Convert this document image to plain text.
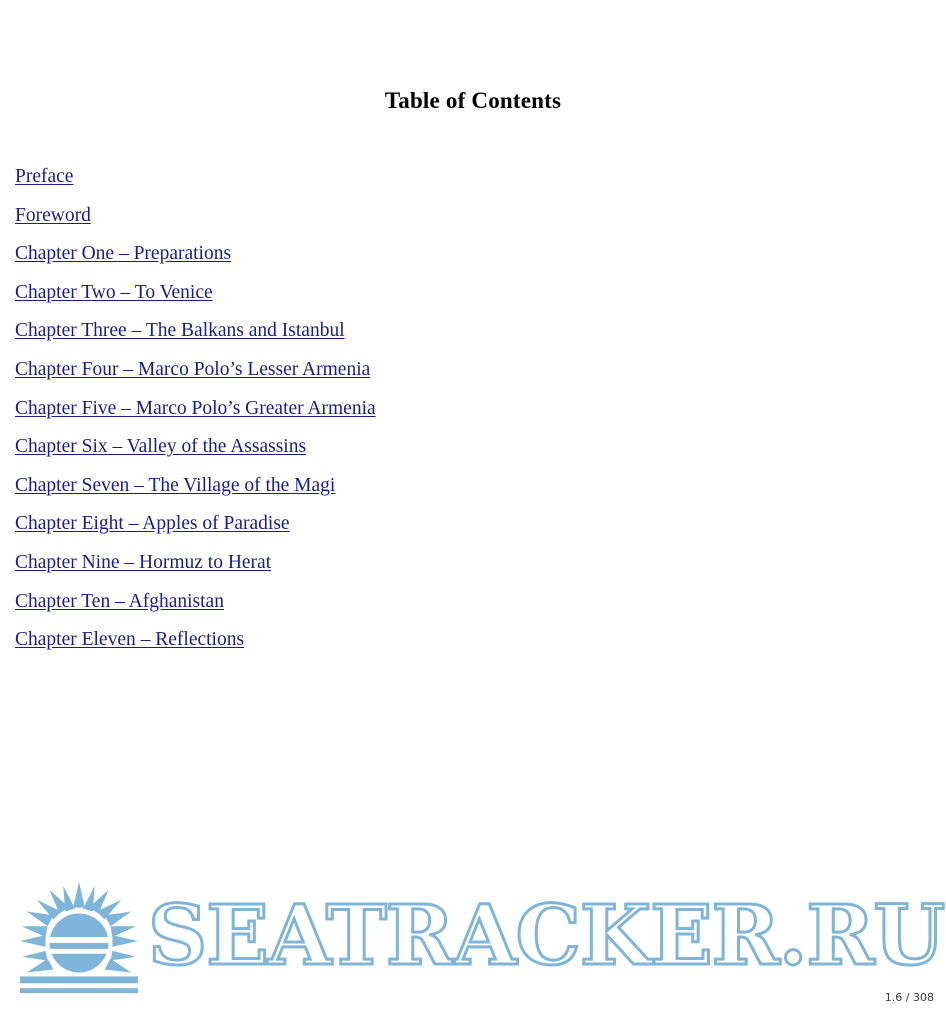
Table of Contents
Preface
Foreword
Chapter One – Preparations
Chapter Two – To Venice
Chapter Three – The Balkans and Istanbul
Chapter Four – Marco Polo’s Lesser Armenia
Chapter Five – Marco Polo’s Greater Armenia
Chapter Six – Valley of the Assassins
Chapter Seven – The Village of the Magi
Chapter Eight – Apples of Paradise
Chapter Nine – Hormuz to Herat
Chapter Ten – Afghanistan
Chapter Eleven – Reflections
SEATRACKER.RU
1.6 / 308
